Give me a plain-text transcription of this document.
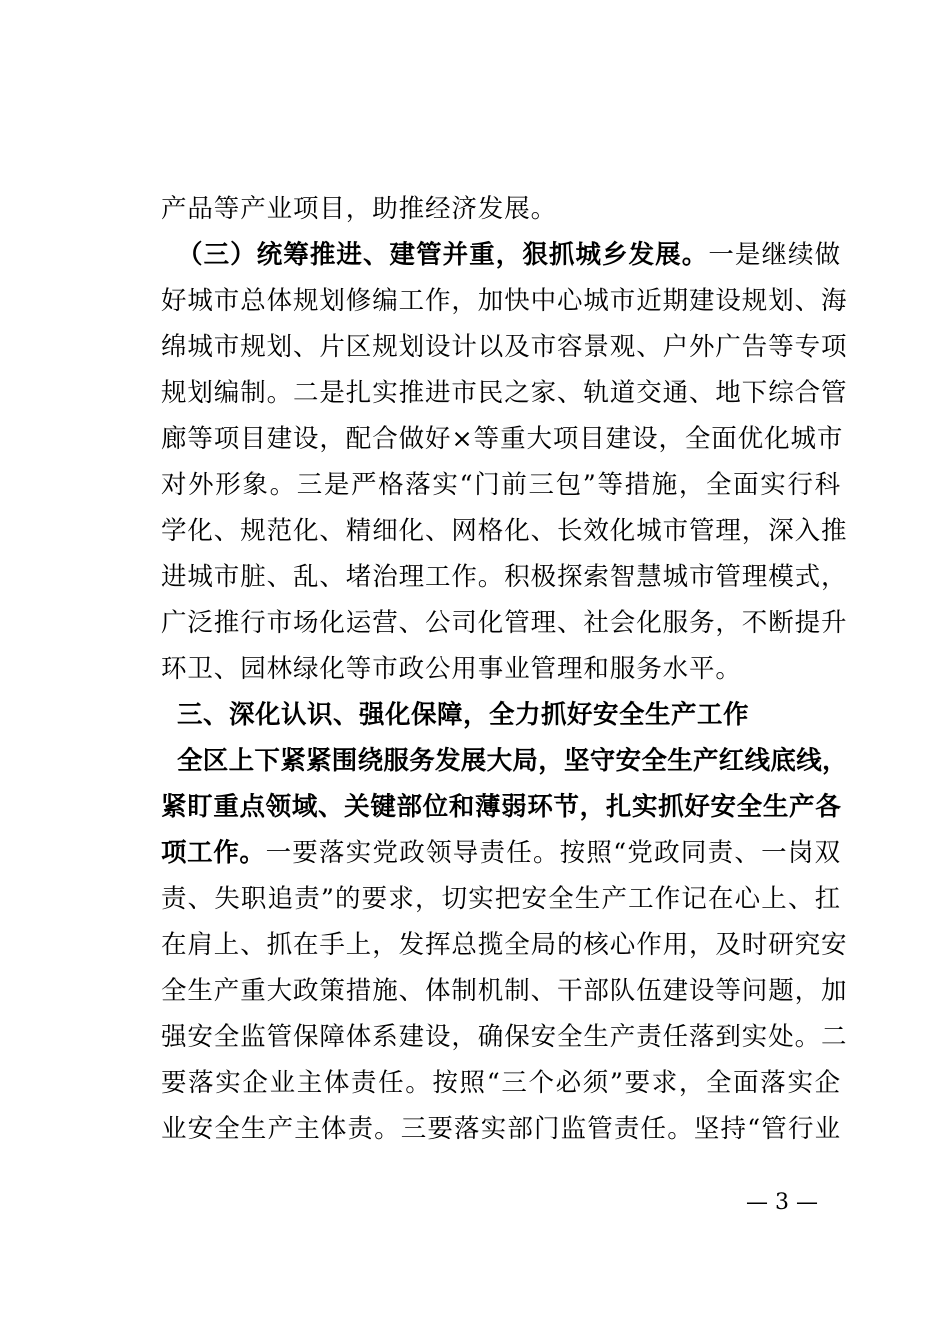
产品等产业项目，助推经济发展。
（三）统筹推进、建管并重，狠抓城乡发展。一是继续做
好城市总体规划修编工作，加快中心城市近期建设规划、海
绵城市规划、片区规划设计以及市容景观、户外广告等专项
规划编制。二是扎实推进市民之家、轨道交通、地下综合管
廊等项目建设，配合做好×等重大项目建设，全面优化城市
对外形象。三是严格落实“门前三包”等措施，全面实行科
学化、规范化、精细化、网格化、长效化城市管理，深入推
进城市脏、乱、堵治理工作。积极探索智慧城市管理模式，
广泛推行市场化运营、公司化管理、社会化服务，不断提升
环卫、园林绿化等市政公用事业管理和服务水平。
三、深化认识、强化保障，全力抓好安全生产工作
全区上下紧紧围绕服务发展大局，坚守安全生产红线底线，
紧盯重点领域、关键部位和薄弱环节，扎实抓好安全生产各
项工作。一要落实党政领导责任。按照“党政同责、一岗双
责、失职追责”的要求，切实把安全生产工作记在心上、扛
在肩上、抓在手上，发挥总揽全局的核心作用，及时研究安
全生产重大政策措施、体制机制、干部队伍建设等问题，加
强安全监管保障体系建设，确保安全生产责任落到实处。二
要落实企业主体责任。按照“三个必须”要求，全面落实企
业安全生产主体责。三要落实部门监管责任。坚持“管行业
— 3 —
